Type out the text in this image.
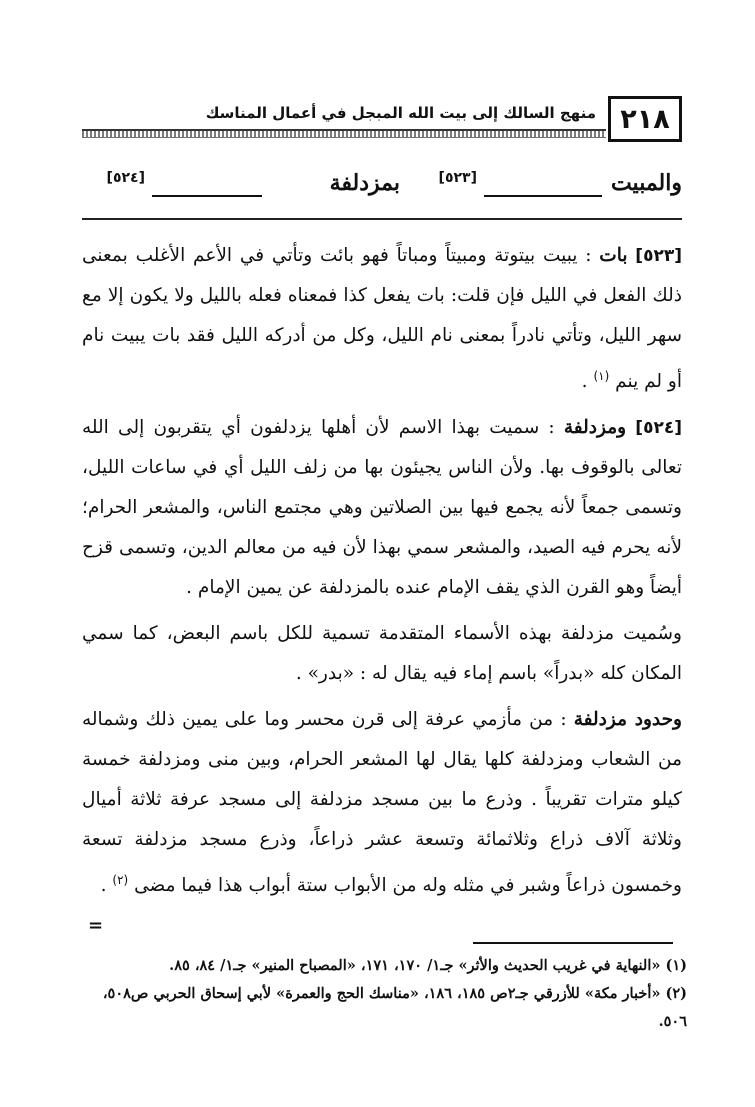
٢١٨
منهج السالك إلى بيت الله المبجل في أعمال المناسك
والمبيت
[٥٢٣]
بمزدلفة
[٥٢٤]

[٥٢٣] بات : يبيت بيتوتة ومبيتاً ومباتاً فهو بائت وتأتي في الأعم الأغلب بمعنى ذلك الفعل في الليل فإن قلت: بات يفعل كذا فمعناه فعله بالليل ولا يكون إلا مع سهر الليل، وتأتي نادراً بمعنى نام الليل، وكل من أدركه الليل فقد بات يبيت نام أو لم ينم $^{(١)}$ .

[٥٢٤] ومزدلفة : سميت بهذا الاسم لأن أهلها يزدلفون أي يتقربون إلى الله تعالى بالوقوف بها. ولأن الناس يجيئون بها من زلف الليل أي في ساعات الليل، وتسمى جمعاً لأنه يجمع فيها بين الصلاتين وهي مجتمع الناس، والمشعر الحرام؛ لأنه يحرم فيه الصيد، والمشعر سمي بهذا لأن فيه من معالم الدين، وتسمى قزح أيضاً وهو القرن الذي يقف الإمام عنده بالمزدلفة عن يمين الإمام .

وسُميت مزدلفة بهذه الأسماء المتقدمة تسمية للكل باسم البعض، كما سمي المكان كله «بدراً» باسم إماء فيه يقال له : «بدر» .

وحدود مزدلفة : من مأزمي عرفة إلى قرن محسر وما على يمين ذلك وشماله من الشعاب ومزدلفة كلها يقال لها المشعر الحرام، وبين منى ومزدلفة خمسة كيلو مترات تقريباً . وذرع ما بين مسجد مزدلفة إلى مسجد عرفة ثلاثة أميال وثلاثة آلاف ذراع وثلاثمائة وتسعة عشر ذراعاً، وذرع مسجد مزدلفة تسعة وخمسون ذراعاً وشبر في مثله وله من الأبواب ستة أبواب هذا فيما مضى $^{(٢)}$ .
=

(١) «النهاية في غريب الحديث والأثر» جـ١/ ١٧٠، ١٧١، «المصباح المنير» جـ١/ ٨٤، ٨٥.

(٢) «أخبار مكة» للأزرقي جـ٢ص ١٨٥، ١٨٦، «مناسك الحج والعمرة» لأبي إسحاق الحربي ص٥٠٨، ٥٠٦.
